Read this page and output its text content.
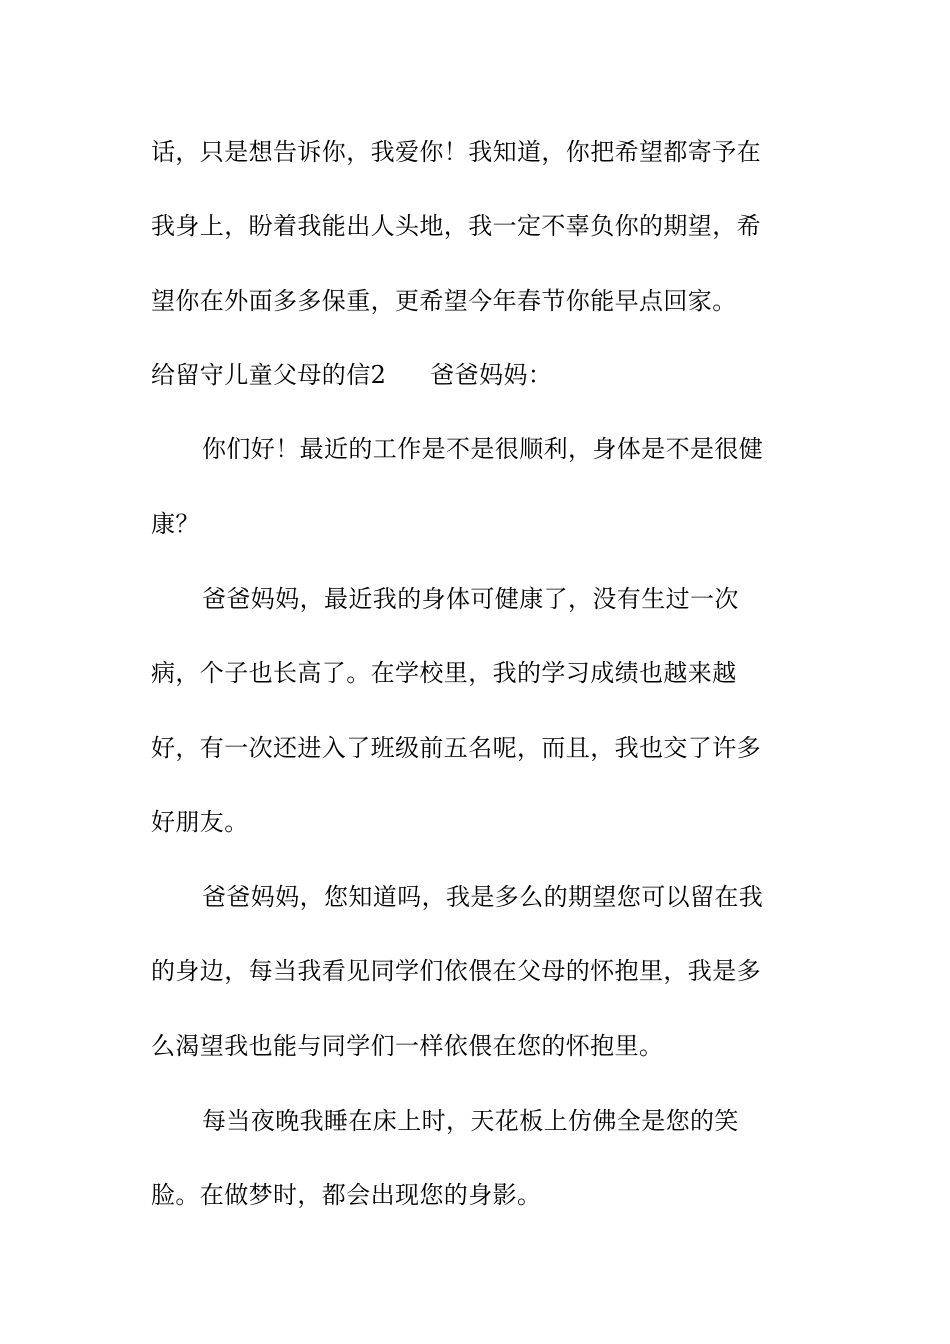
话，只是想告诉你，我爱你！我知道，你把希望都寄予在
我身上，盼着我能出人头地，我一定不辜负你的期望，希
望你在外面多多保重，更希望今年春节你能早点回家。
给留守儿童父母的信2 爸爸妈妈：
你们好！最近的工作是不是很顺利，身体是不是很健
康？
爸爸妈妈，最近我的身体可健康了，没有生过一次
病，个子也长高了。在学校里，我的学习成绩也越来越
好，有一次还进入了班级前五名呢，而且，我也交了许多
好朋友。
爸爸妈妈，您知道吗，我是多么的期望您可以留在我
的身边，每当我看见同学们依偎在父母的怀抱里，我是多
么渴望我也能与同学们一样依偎在您的怀抱里。
每当夜晚我睡在床上时，天花板上仿佛全是您的笑
脸。在做梦时，都会出现您的身影。
